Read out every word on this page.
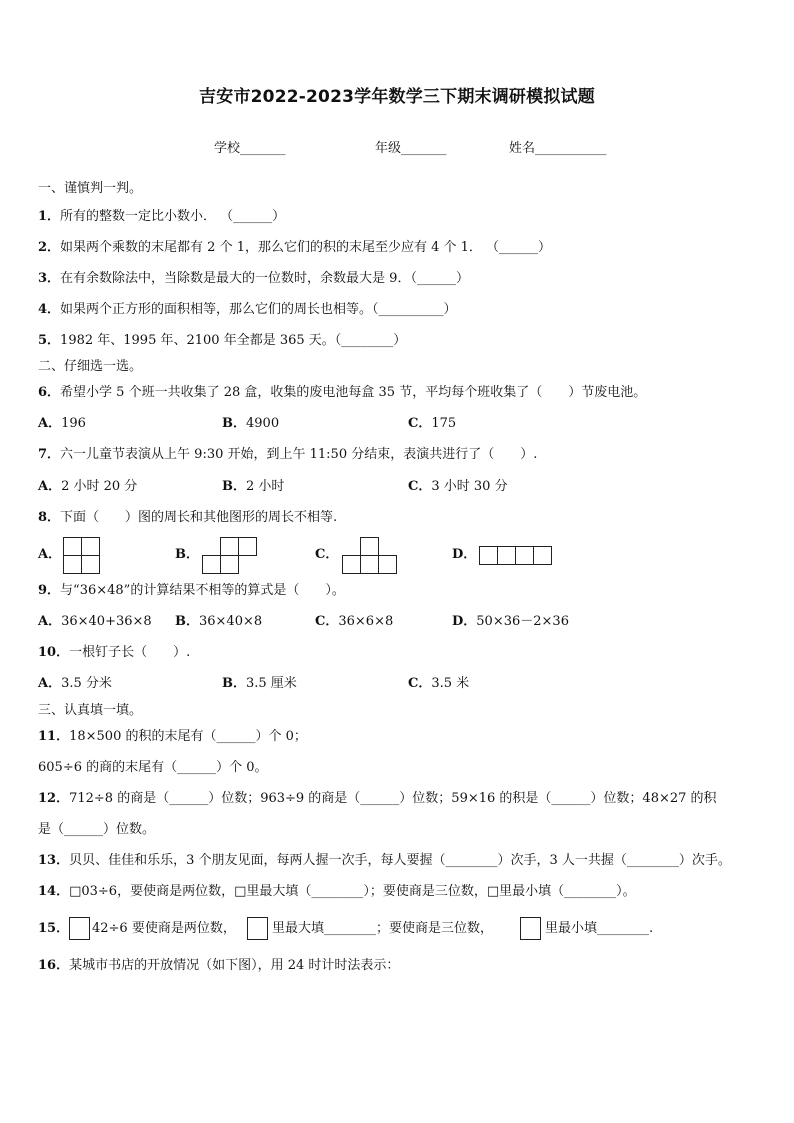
吉安市2022-2023学年数学三下期末调研模拟试题
学校_______	年级_______	姓名___________
一、谨慎判一判。
1．所有的整数一定比小数小． （______）
2．如果两个乘数的末尾都有 2 个 1，那么它们的积的末尾至少应有 4 个 1． （______）
3．在有余数除法中，当除数是最大的一位数时，余数最大是 9．（______）
4．如果两个正方形的面积相等，那么它们的周长也相等。（__________）
5．1982 年、1995 年、2100 年全都是 365 天。（________）
二、仔细选一选。
6．希望小学 5 个班一共收集了 28 盒，收集的废电池每盒 35 节，平均每个班收集了（　　）节废电池。
A．196	B．4900	C．175
7．六一儿童节表演从上午 9:30 开始，到上午 11:50 分结束，表演共进行了（　　）.
A．2 小时 20 分	B．2 小时	C．3 小时 30 分
8．下面（　　）图的周长和其他图形的周长不相等.
A．	B．	C．	D．
9．与“36×48”的计算结果不相等的算式是（　　）。
A．36×40+36×8 B．36×40×8	C．36×6×8	D．50×36－2×36
10．一根钉子长（　　）.
A．3.5 分米	B．3.5 厘米	C．3.5 米
三、认真填一填。
11．18×500 的积的末尾有（______）个 0；
605÷6 的商的末尾有（______）个 0。
12．712÷8 的商是（______）位数；963÷9 的商是（______）位数；59×16 的积是（______）位数；48×27 的积
是（______）位数。
13．贝贝、佳佳和乐乐，3 个朋友见面，每两人握一次手，每人要握（________）次手，3 人一共握（________）次手。
14．□03÷6，要使商是两位数，□里最大填（________）；要使商是三位数，□里最小填（________）。
15． 42÷6 要使商是两位数，	里最大填________；要使商是三位数，	里最小填________.
16．某城市书店的开放情况（如下图），用 24 时计时法表示：
